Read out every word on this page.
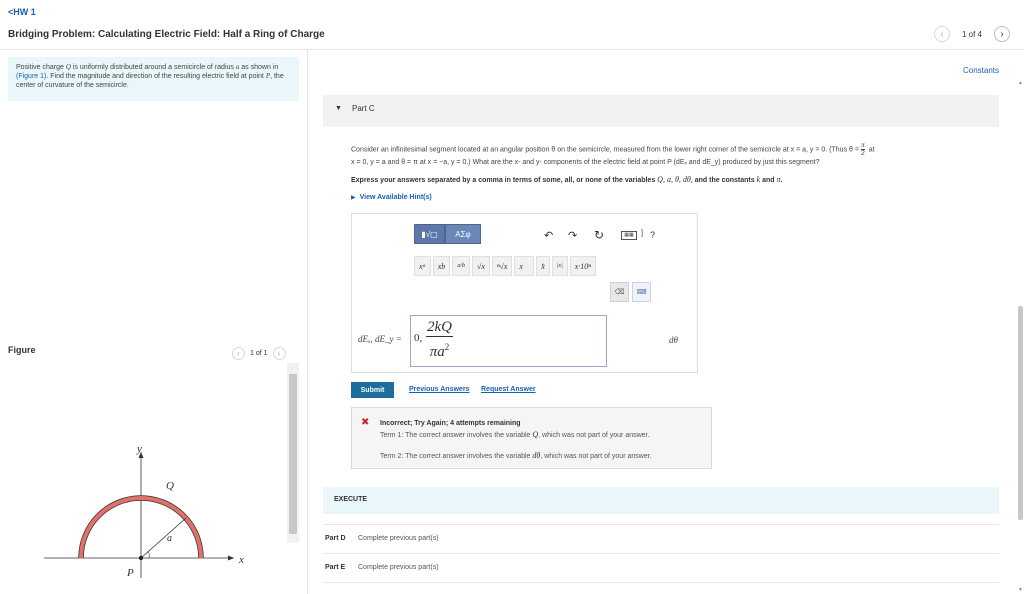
<HW 1
Bridging Problem: Calculating Electric Field: Half a Ring of Charge	‹ 1 of 4 ›
Constants
Positive charge Q is uniformly distributed around a semicircle of radius a as shown in (Figure 1). Find the magnitude and direction of the resulting electric field at point P, the center of curvature of the semicircle.
Figure	‹ 1 of 1 ›
y
Q
a
P
x
▲
▼
▼ Part C
Consider an infinitesimal segment located at an angular position θ on the semicircle, measured from the lower right corner of the semicircle at x = a, y = 0. (Thus $\theta = \frac{\pi}{2}$ at
x = 0, y = a and θ = π at x = −a, y = 0.) What are the x- and y- components of the electric field at point P (dEₓ and dE_y) produced by just this segment?
Express your answers separated by a comma in terms of some, all, or none of the variables Q, a, θ, dθ, and the constants k and π.
▶ View Available Hint(s)
▮√▢	ΑΣφ	↶ ↷ ↻	▦▦	] ?
xᵃ	xb	a/b	√x	ⁿ√x	x⃗	x̂	|x|	x·10ⁿ
⌫	⌨
dEₓ, dE_y = 0, $\frac{2kQ}{\pi a^2}$	dθ
Submit	Previous Answers Request Answer
✖ Incorrect; Try Again; 4 attempts remaining
Term 1: The correct answer involves the variable Q, which was not part of your answer.
Term 2: The correct answer involves the variable dθ, which was not part of your answer.
EXECUTE
Part D Complete previous part(s)
Part E Complete previous part(s)
